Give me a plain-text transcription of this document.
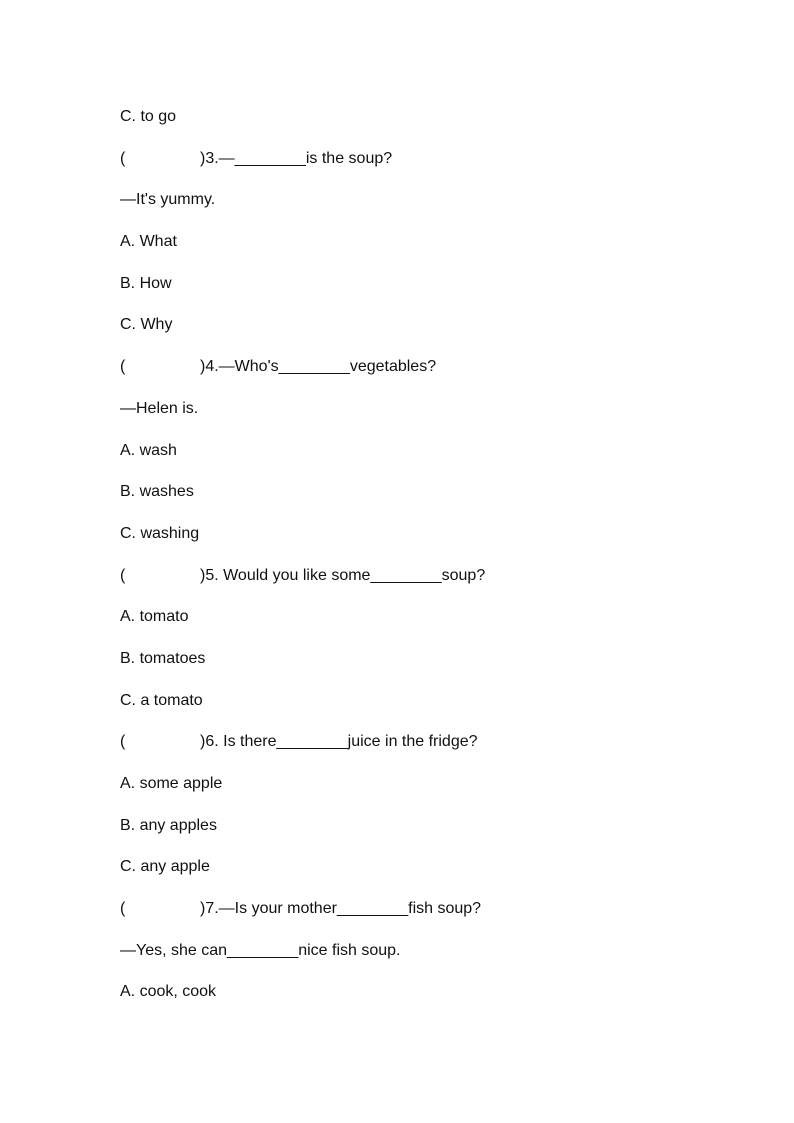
C. to go
(	)3.—________is the soup?
—It's yummy.
A. What
B. How
C. Why
(	)4.—Who's________vegetables?
—Helen is.
A. wash
B. washes
C. washing
(	)5. Would you like some________soup?
A. tomato
B. tomatoes
C. a tomato
(	)6. Is there________juice in the fridge?
A. some apple
B. any apples
C. any apple
(	)7.—Is your mother________fish soup?
—Yes, she can________nice fish soup.
A. cook, cook
